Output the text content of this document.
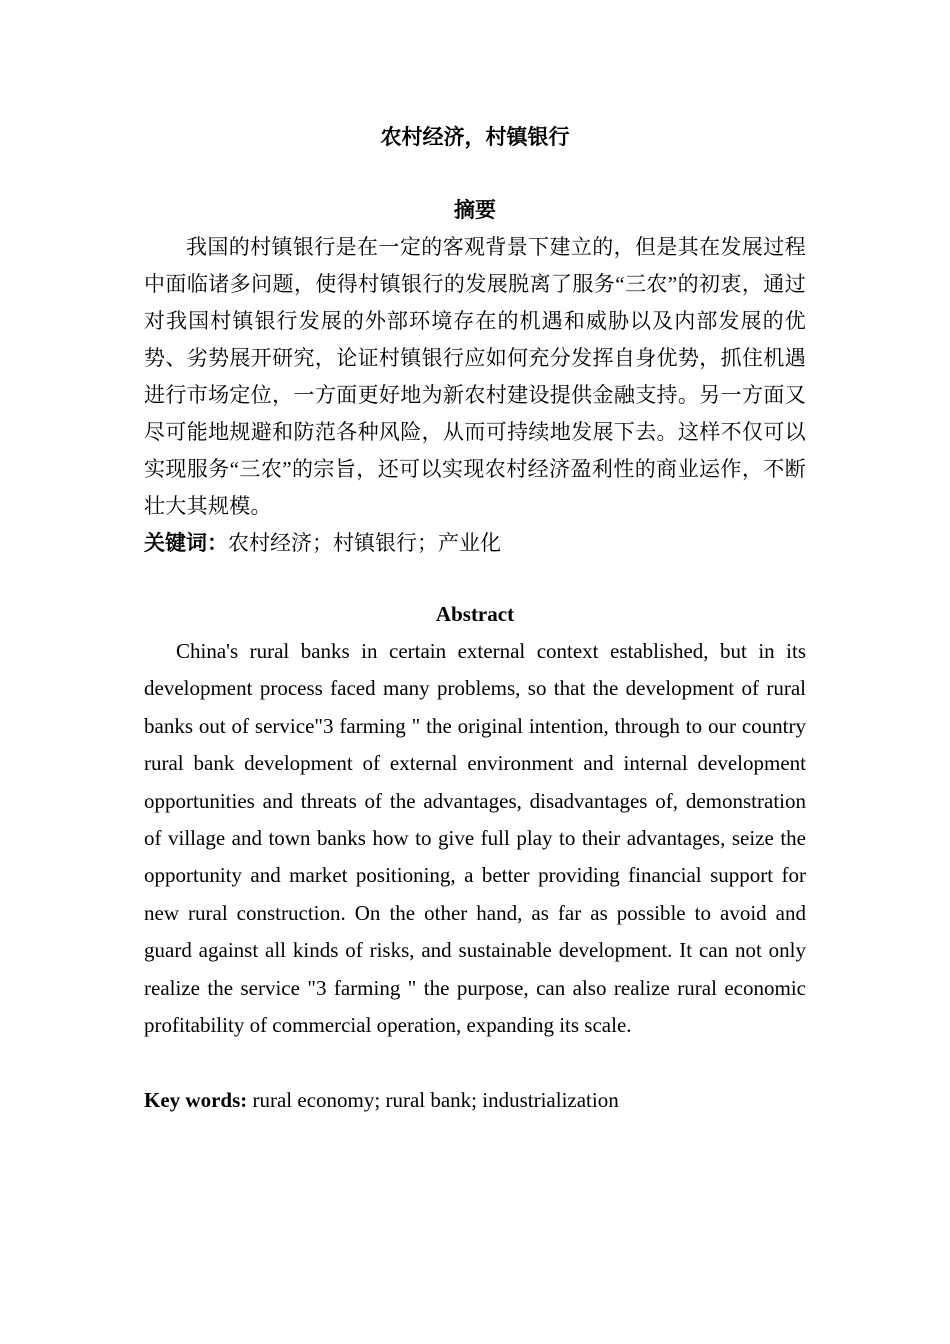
农村经济，村镇银行
摘要

我国的村镇银行是在一定的客观背景下建立的，但是其在发展过程中面临诸多问题，使得村镇银行的发展脱离了服务“三农”的初衷，通过对我国村镇银行发展的外部环境存在的机遇和威胁以及内部发展的优势、劣势展开研究，论证村镇银行应如何充分发挥自身优势，抓住机遇进行市场定位，一方面更好地为新农村建设提供金融支持。另一方面又尽可能地规避和防范各种风险，从而可持续地发展下去。这样不仅可以实现服务“三农”的宗旨，还可以实现农村经济盈利性的商业运作，不断壮大其规模。

关键词：农村经济；村镇银行；产业化

Abstract

China's rural banks in certain external context established, but in its development process faced many problems, so that the development of rural banks out of service"3 farming " the original intention, through to our country rural bank development of external environment and internal development opportunities and threats of the advantages, disadvantages of, demonstration of village and town banks how to give full play to their advantages, seize the opportunity and market positioning, a better providing financial support for new rural construction. On the other hand, as far as possible to avoid and guard against all kinds of risks, and sustainable development. It can not only realize the service "3 farming " the purpose, can also realize rural economic profitability of commercial operation, expanding its scale.

Key words: rural economy; rural bank; industrialization
